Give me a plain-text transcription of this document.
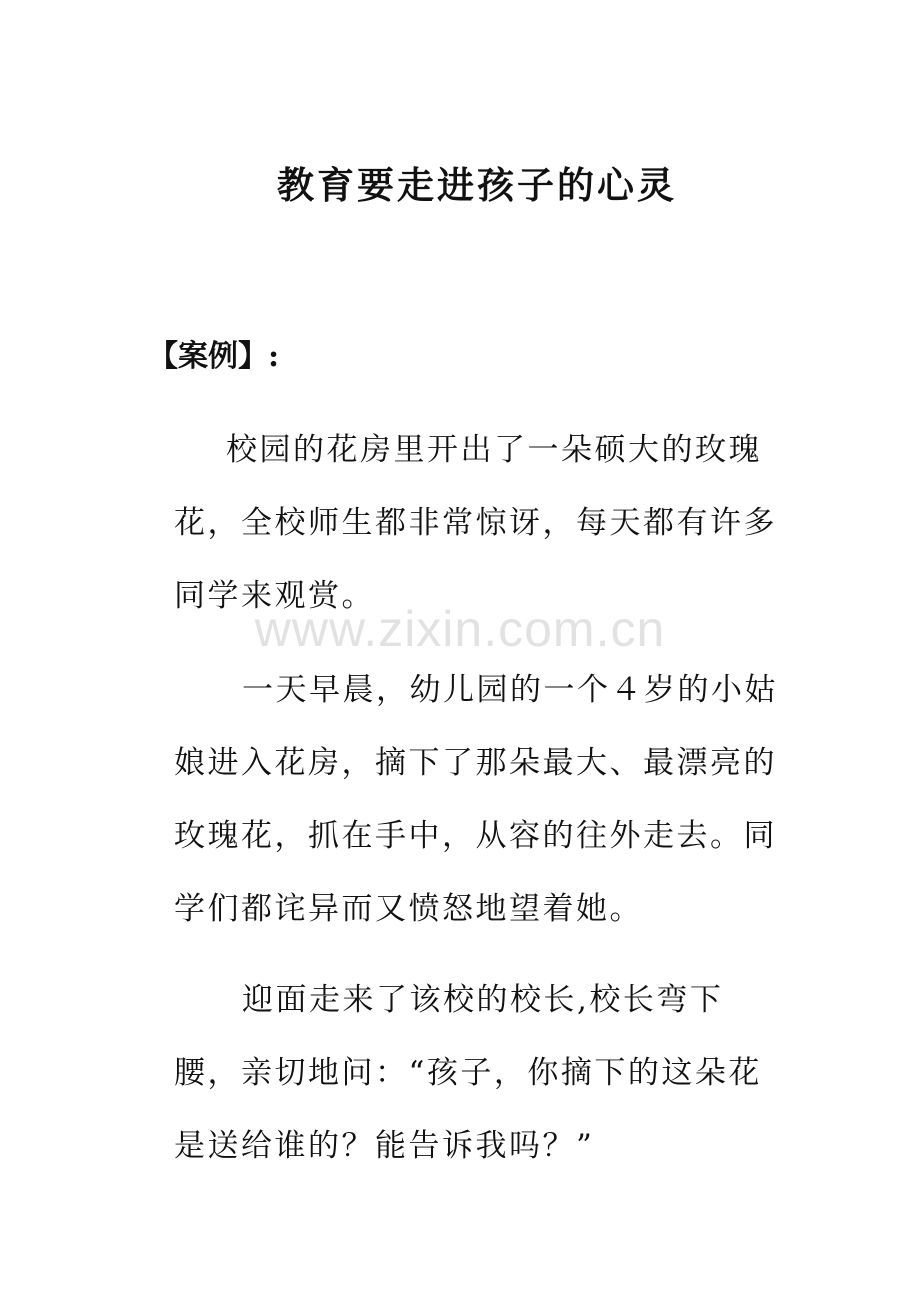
教育要走进孩子的心灵

【案例】:

校园的花房里开出了一朵硕大的玫瑰花，全校师生都非常惊讶，每天都有许多同学来观赏。

一天早晨，幼儿园的一个４岁的小姑娘进入花房，摘下了那朵最大、最漂亮的玫瑰花，抓在手中，从容的往外走去。同学们都诧异而又愤怒地望着她。

迎面走来了该校的校长,校长弯下腰，亲切地问：“孩子，你摘下的这朵花是送给谁的？能告诉我吗？”

www.zixin.com.cn
